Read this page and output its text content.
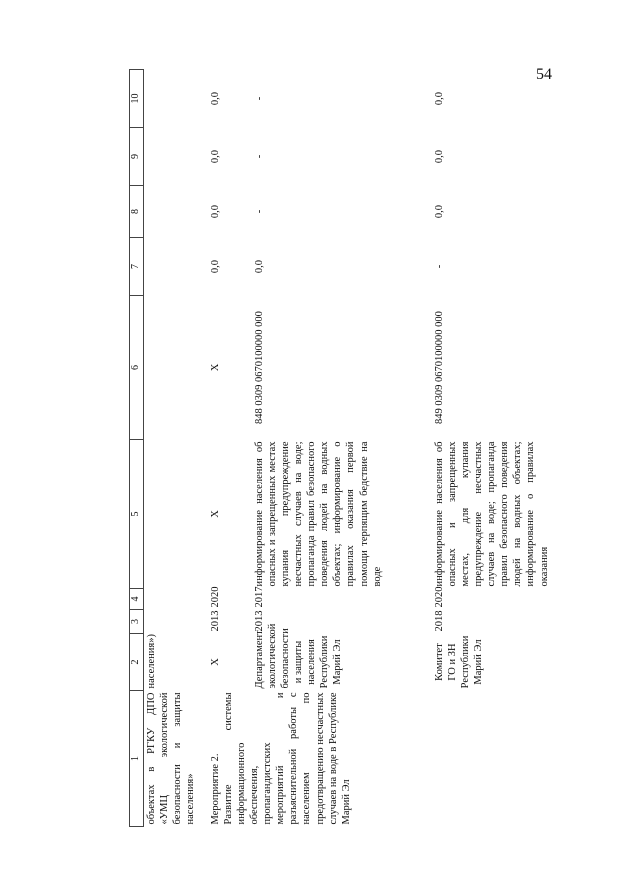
54
1	2	3	4	5	6	7	8	9	10
объектах в РГКУ ДПО «УМЦ экологической безопасности и защиты населения»	населения»)								
Мероприятие 2.
Развитие системы информационного обеспечения, пропагандистских мероприятий и разъяснительной работы с населением по предотвращению несчастных случаев на воде в Республике Марий Эл	X	2013	2020	X	X	0,0	0,0	0,0	0,0
	Департамент экологической безопасности и защиты населения Республики Марий Эл	2013	2017	информирование населения об опасных и запрещенных местах купания предупреждение несчастных случаев на воде; пропаганда правил безопасного поведения людей на водных объектах; информирование о правилах оказания первой помощи терпящим бедствие на воде	848 0309 0670100000 000	0,0	-	-	-
	Комитет ГО и ЗН Республики Марий Эл	2018	2020	информирование населения об опасных и запрещенных местах, для купания предупреждение несчастных случаев на воде; пропаганда правил безопасного поведения людей на водных объектах; информирование о правилах оказания	849 0309 0670100000 000	-	0,0	0,0	0,0
